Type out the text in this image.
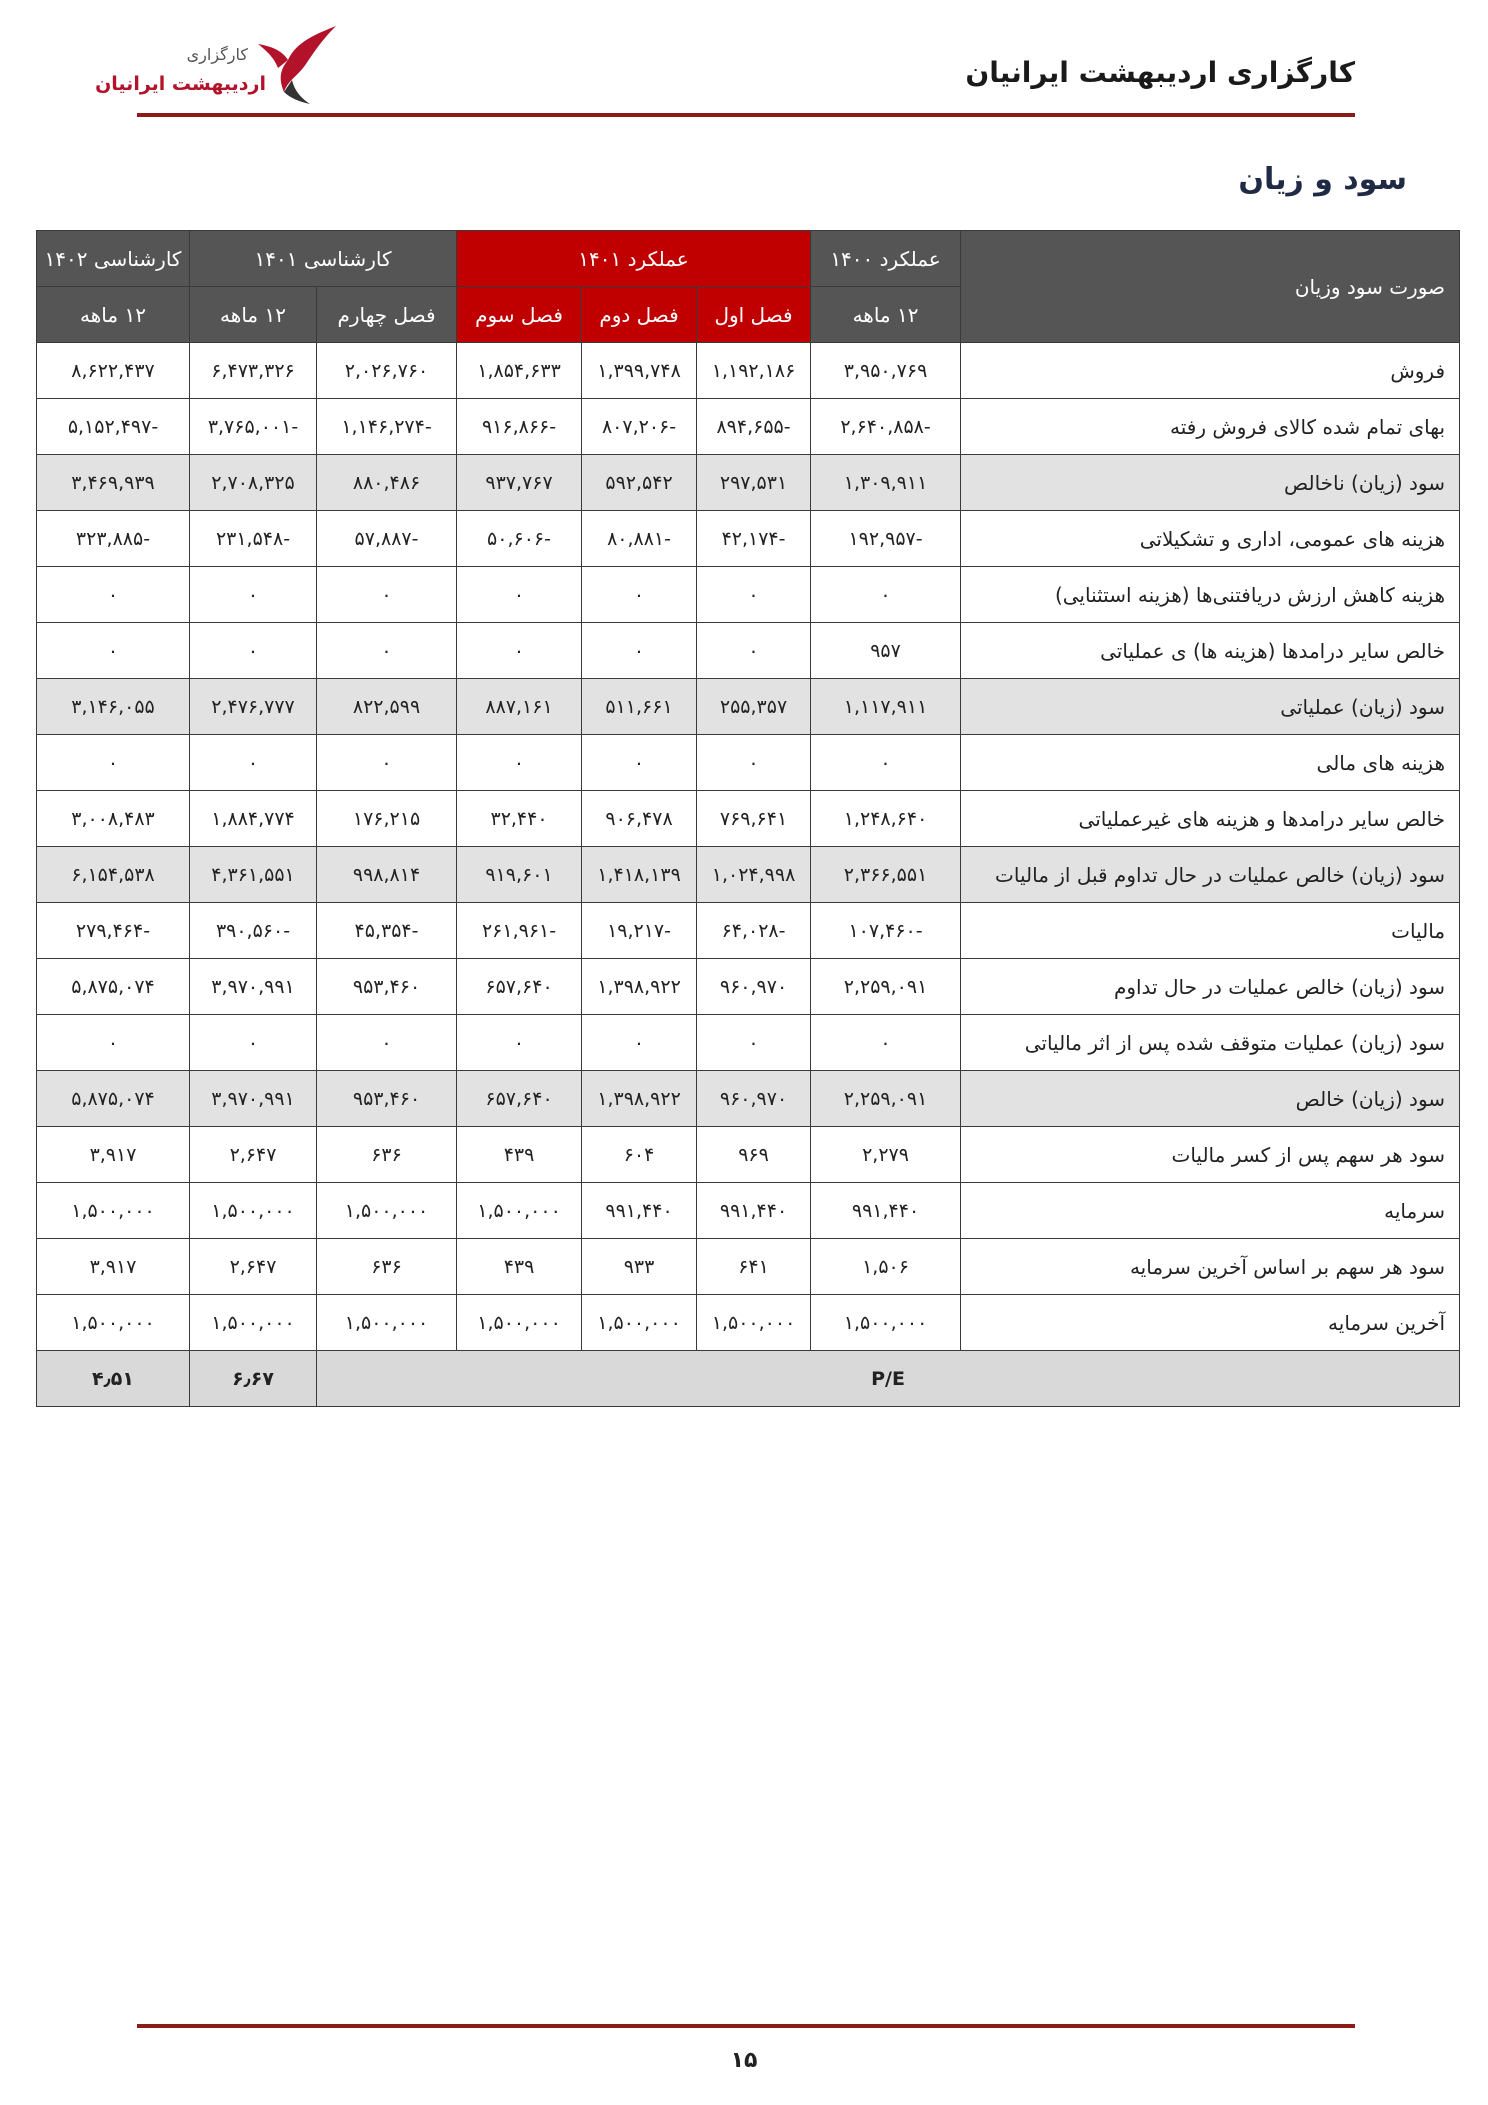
کارگزاری
اردیبهشت ایرانیان	کارگزاری اردیبهشت ایرانیان
سود و زیان
صورت سود وزیان	عملکرد ۱۴۰۰	عملکرد ۱۴۰۱			کارشناسی ۱۴۰۱		کارشناسی ۱۴۰۲
	۱۲ ماهه	فصل اول	فصل دوم	فصل سوم	فصل چهارم	۱۲ ماهه	۱۲ ماهه
فروش	۳,۹۵۰,۷۶۹	۱,۱۹۲,۱۸۶	۱,۳۹۹,۷۴۸	۱,۸۵۴,۶۳۳	۲,۰۲۶,۷۶۰	۶,۴۷۳,۳۲۶	۸,۶۲۲,۴۳۷
بهای تمام شده کالای فروش رفته	-۲,۶۴۰,۸۵۸	-۸۹۴,۶۵۵	-۸۰۷,۲۰۶	-۹۱۶,۸۶۶	-۱,۱۴۶,۲۷۴	-۳,۷۶۵,۰۰۱	-۵,۱۵۲,۴۹۷
سود (زیان) ناخالص	۱,۳۰۹,۹۱۱	۲۹۷,۵۳۱	۵۹۲,۵۴۲	۹۳۷,۷۶۷	۸۸۰,۴۸۶	۲,۷۰۸,۳۲۵	۳,۴۶۹,۹۳۹
هزینه های عمومی، اداری و تشکیلاتی	-۱۹۲,۹۵۷	-۴۲,۱۷۴	-۸۰,۸۸۱	-۵۰,۶۰۶	-۵۷,۸۸۷	-۲۳۱,۵۴۸	-۳۲۳,۸۸۵
هزینه کاهش ارزش دریافتنی‌ها (هزینه استثنایی)	۰	۰	۰	۰	۰	۰	۰
خالص سایر درامدها (هزینه ها) ی عملیاتی	۹۵۷	۰	۰	۰	۰	۰	۰
سود (زیان) عملیاتی	۱,۱۱۷,۹۱۱	۲۵۵,۳۵۷	۵۱۱,۶۶۱	۸۸۷,۱۶۱	۸۲۲,۵۹۹	۲,۴۷۶,۷۷۷	۳,۱۴۶,۰۵۵
هزینه های مالی	۰	۰	۰	۰	۰	۰	۰
خالص سایر درامدها و هزینه های غیرعملیاتی	۱,۲۴۸,۶۴۰	۷۶۹,۶۴۱	۹۰۶,۴۷۸	۳۲,۴۴۰	۱۷۶,۲۱۵	۱,۸۸۴,۷۷۴	۳,۰۰۸,۴۸۳
سود (زیان) خالص عملیات در حال تداوم قبل از مالیات	۲,۳۶۶,۵۵۱	۱,۰۲۴,۹۹۸	۱,۴۱۸,۱۳۹	۹۱۹,۶۰۱	۹۹۸,۸۱۴	۴,۳۶۱,۵۵۱	۶,۱۵۴,۵۳۸
مالیات	-۱۰۷,۴۶۰	-۶۴,۰۲۸	-۱۹,۲۱۷	-۲۶۱,۹۶۱	-۴۵,۳۵۴	-۳۹۰,۵۶۰	-۲۷۹,۴۶۴
سود (زیان) خالص عملیات در حال تداوم	۲,۲۵۹,۰۹۱	۹۶۰,۹۷۰	۱,۳۹۸,۹۲۲	۶۵۷,۶۴۰	۹۵۳,۴۶۰	۳,۹۷۰,۹۹۱	۵,۸۷۵,۰۷۴
سود (زیان) عملیات متوقف شده پس از اثر مالیاتی	۰	۰	۰	۰	۰	۰	۰
سود (زیان) خالص	۲,۲۵۹,۰۹۱	۹۶۰,۹۷۰	۱,۳۹۸,۹۲۲	۶۵۷,۶۴۰	۹۵۳,۴۶۰	۳,۹۷۰,۹۹۱	۵,۸۷۵,۰۷۴
سود هر سهم پس از کسر مالیات	۲,۲۷۹	۹۶۹	۶۰۴	۴۳۹	۶۳۶	۲,۶۴۷	۳,۹۱۷
سرمایه	۹۹۱,۴۴۰	۹۹۱,۴۴۰	۹۹۱,۴۴۰	۱,۵۰۰,۰۰۰	۱,۵۰۰,۰۰۰	۱,۵۰۰,۰۰۰	۱,۵۰۰,۰۰۰
سود هر سهم بر اساس آخرین سرمایه	۱,۵۰۶	۶۴۱	۹۳۳	۴۳۹	۶۳۶	۲,۶۴۷	۳,۹۱۷
آخرین سرمایه	۱,۵۰۰,۰۰۰	۱,۵۰۰,۰۰۰	۱,۵۰۰,۰۰۰	۱,۵۰۰,۰۰۰	۱,۵۰۰,۰۰۰	۱,۵۰۰,۰۰۰	۱,۵۰۰,۰۰۰
P/E						۶٫۶۷	۴٫۵۱
۱۵
